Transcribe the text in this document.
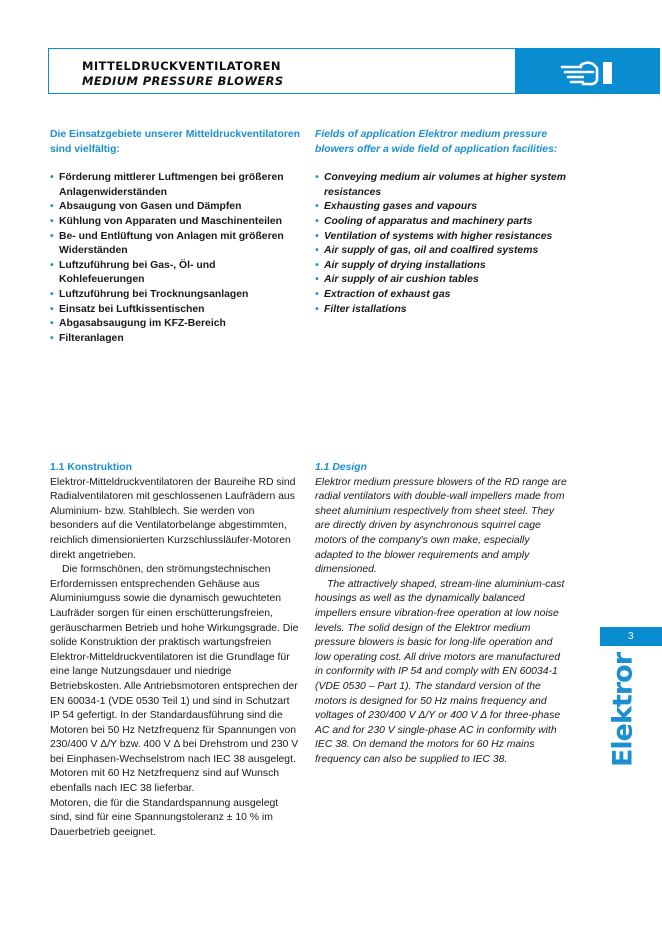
MITTELDRUCKVENTILATOREN
MEDIUM PRESSURE BLOWERS

Die Einsatzgebiete unserer Mitteldruckventilatoren sind vielfältig:

• Förderung mittlerer Luftmengen bei größeren Anlagenwiderständen
• Absaugung von Gasen und Dämpfen
• Kühlung von Apparaten und Maschinenteilen
• Be- und Entlüftung von Anlagen mit größeren Widerständen
• Luftzuführung bei Gas-, Öl- und Kohlefeuerungen
• Luftzuführung bei Trocknungsanlagen
• Einsatz bei Luftkissentischen
• Abgasabsaugung im KFZ-Bereich
• Filteranlagen

Fields of application Elektror medium pressure blowers offer a wide field of application facilities:

• Conveying medium air volumes at higher system resistances
• Exhausting gases and vapours
• Cooling of apparatus and machinery parts
• Ventilation of systems with higher resistances
• Air supply of gas, oil and coalfired systems
• Air supply of drying installations
• Air supply of air cushion tables
• Extraction of exhaust gas
• Filter istallations
1.1 Konstruktion

Elektror-Mitteldruckventilatoren der Baureihe RD sind Radialventilatoren mit geschlossenen Laufrädern aus Aluminium- bzw. Stahlblech. Sie werden von besonders auf die Ventilatorbelange abgestimmten, reichlich dimensionierten Kurzschlussläufer-Motoren direkt angetrieben.

Die formschönen, den strömungstechnischen Erfordernissen entsprechenden Gehäuse aus Aluminiumguss sowie die dynamisch gewuchteten Laufräder sorgen für einen erschütterungsfreien, geräuscharmen Betrieb und hohe Wirkungsgrade. Die solide Konstruktion der praktisch wartungsfreien Elektror-Mitteldruckventilatoren ist die Grundlage für eine lange Nutzungsdauer und niedrige Betriebskosten. Alle Antriebsmotoren entsprechen der EN 60034-1 (VDE 0530 Teil 1) und sind in Schutzart IP 54 gefertigt. In der Standardausführung sind die Motoren bei 50 Hz Netzfrequenz für Spannungen von 230/400 V Δ/Υ bzw. 400 V Δ bei Drehstrom und 230 V bei Einphasen-Wechselstrom nach IEC 38 ausgelegt. Motoren mit 60 Hz Netzfrequenz sind auf Wunsch ebenfalls nach IEC 38 lieferbar.

Motoren, die für die Standardspannung ausgelegt sind, sind für eine Spannungstoleranz ± 10 % im Dauerbetrieb geeignet.

1.1 Design

Elektror medium pressure blowers of the RD range are radial ventilators with double-wall impellers made from sheet aluminium respectively from sheet steel. They are directly driven by asynchronous squirrel cage motors of the company's own make, especially adapted to the blower requirements and amply dimensioned.

The attractively shaped, stream-line aluminium-cast housings as well as the dynamically balanced impellers ensure vibration-free operation at low noise levels. The solid design of the Elektror medium pressure blowers is basic for long-life operation and low operating cost. All drive motors are manufactured in conformity with IP 54 and comply with EN 60034-1 (VDE 0530 – Part 1). The standard version of the motors is designed for 50 Hz mains frequency and voltages of 230/400 V Δ/Υ or 400 V Δ for three-phase AC and for 230 V single-phase AC in conformity with IEC 38. On demand the motors for 60 Hz mains frequency can also be supplied to IEC 38.

3
Elektror
